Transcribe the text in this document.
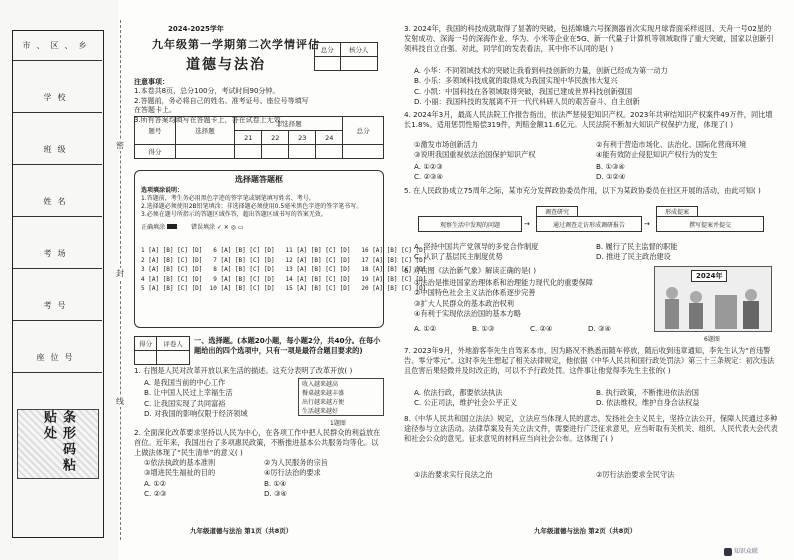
市、区、乡
学校
班级
姓名
考场
考号
座位号
条形码粘贴处
密
封
线
2024-2025学年
九年级第一学期第二次学情评估 总分	核分人

道德与法治
注意事项：
1.本卷共8页，总分100分，考试时间90分钟。
2.答题前，务必将自己的姓名、准考证号、座位号等填写在答题卡上。
3.所有答案均填写在答题卡上，答在试卷上无效。
题号	选择题	非选择题				总分
		21	22	23	24	
得分						
选择题答题框
选项填涂说明：
1.答题前，考生务必用黑色字迹的签字笔或钢笔填写姓名、考号。
2.选择题必须使用2B铅笔填涂；非选择题必须使用0.5毫米黑色字迹的签字笔书写。
3.必须在题号所指示的答题区域作答，超出答题区域书写的答案无效。
正确填涂	错误填涂 ✓ ✕ ◎ ▭

1 [A] [B] [C] [D]   6 [A] [B] [C] [D]   11 [A] [B] [C] [D]   16 [A] [B] [C] [D]
2 [A] [B] [C] [D]   7 [A] [B] [C] [D]   12 [A] [B] [C] [D]   17 [A] [B] [C] [D]
3 [A] [B] [C] [D]   8 [A] [B] [C] [D]   13 [A] [B] [C] [D]   18 [A] [B] [C] [D]
4 [A] [B] [C] [D]   9 [A] [B] [C] [D]   14 [A] [B] [C] [D]   19 [A] [B] [C] [D]
5 [A] [B] [C] [D]  10 [A] [B] [C] [D]   15 [A] [B] [C] [D]   20 [A] [B] [C] [D]

得分	评卷人
	一、选择题。(本题20小题，每小题2分，共40分。在每小题给出的四个选项中，只有一项是最符合题目要求的)
1. 右图是人民对改革开放以来生活的描述。这充分表明了改革开放( )
A. 是我国当前的中心工作
B. 让中国人民过上幸福生活
C. 让我国实现了共同富裕
D. 对我国的影响仅限于经济领域
收入越来越高
餐桌越来越丰盛
出行越来越方便
生活越来越好
1题图
2. 全面深化改革要求坚持以人民为中心，在各项工作中把人民群众的利益放在首位。近年来，我国出台了多项惠民政策，不断推进基本公共服务均等化。以上做法体现了“民生清单”的意义( )
①依法执政的基本准则	②为人民服务的宗旨
③增进民生福祉的目的	④厉行法治的要求
A. ①②	B. ①④
C. ②③	D. ③④
九年级道德与法治 第1页（共8页）
3. 2024年，我国的科技成就取得了显著的突破，包括嫦娥六号探测器首次实现月球背面采样返回、天舟一号02星的发射成功、深海一号的深海作业、华为、小米等企业在5G、新一代量子计算机等领域取得了重大突破，国家以创新引领科技自立自强。对此，同学们的发表看法，其中你不认同的是( )
A. 小华：不同领域技术的突破让我看到科技创新的力量，创新已经成为第一动力
B. 小乐：多领域科技成就的取得成为我国实现中华民族伟大复兴
C. 小凯：中国科技在各领域取得突破，我国已建成世界科技创新强国
D. 小丽：我国科技的发展离不开一代代科研人员的艰苦奋斗、自主创新
4. 2024年3月，最高人民法院工作报告指出，依法严惩侵犯知识产权。2023年共审结知识产权案件49万件，同比增长1.8%。适用惩罚性赔偿319件，判赔金额11.6亿元。人民法院不断加大知识产权保护力度，体现了( )
①激发市场创新活力	②有利于营造市场化、法治化、国际化营商环境
③说明我国重视依法治国保护知识产权	④能有效防止侵犯知识产权行为的发生
A. ①②③	B. ①③④
C. ②③④	D. ①②④
5. 在人民政协成立75周年之际，某市充分发挥政协委员作用，以下为某政协委员在社区开展的活动，由此可知( )
调查研究	形成提案
观察生活中发现的问题	→	通过调查走访形成调研报告	→	撰写提案并提交
A. 坚持中国共产党领导的多党合作制度	B. 履行了民主监督的职能
C. 认识了基层民主制度优势	D. 推进了民主政治建设
6. 对右图《法治新气象》解读正确的是( )
①法治是推进国家治理体系和治理能力现代化的重要保障
②中国特色社会主义法治体系逐步完善
③扩大人民群众的基本政治权利
④有利于实现依法治国的基本方略
A. ①②	B. ①③	C. ②④	D. ③④
2024年
6题图
7. 2023年9月，外地游客李先生自驾来本市，因为路况不熟悉而随车停放，随后收到违章通知，李先生认为“首违警告、零分零元”。这时李先生想起了相关法律规定，他依据《中华人民共和国行政处罚法》第三十三条规定：初次违法且危害后果轻微并及时改正的，可以不予行政处罚。这件事让他觉得李先生主张的( )
A. 依法行政，都要依法执法	B. 执行政策，不断推进依法治国
C. 公正司法，维护社会公平正义	D. 依法维权，维护自身合法权益
8.《中华人民共和国立法法》规定，立法应当体现人民的意志，发扬社会主义民主，坚持立法公开，保障人民通过多种途径参与立法活动。法律草案及有关立法文件，需要进行广泛征求意见，应当听取有关机关、组织、人民代表大会代表和社会公众的意见。征求意见的材料应当向社会公布。这体现了( )
①法治要求实行良法之治	②厉行法治要求全民守法
九年级道德与法治 第2页（共8页）
知识众联
